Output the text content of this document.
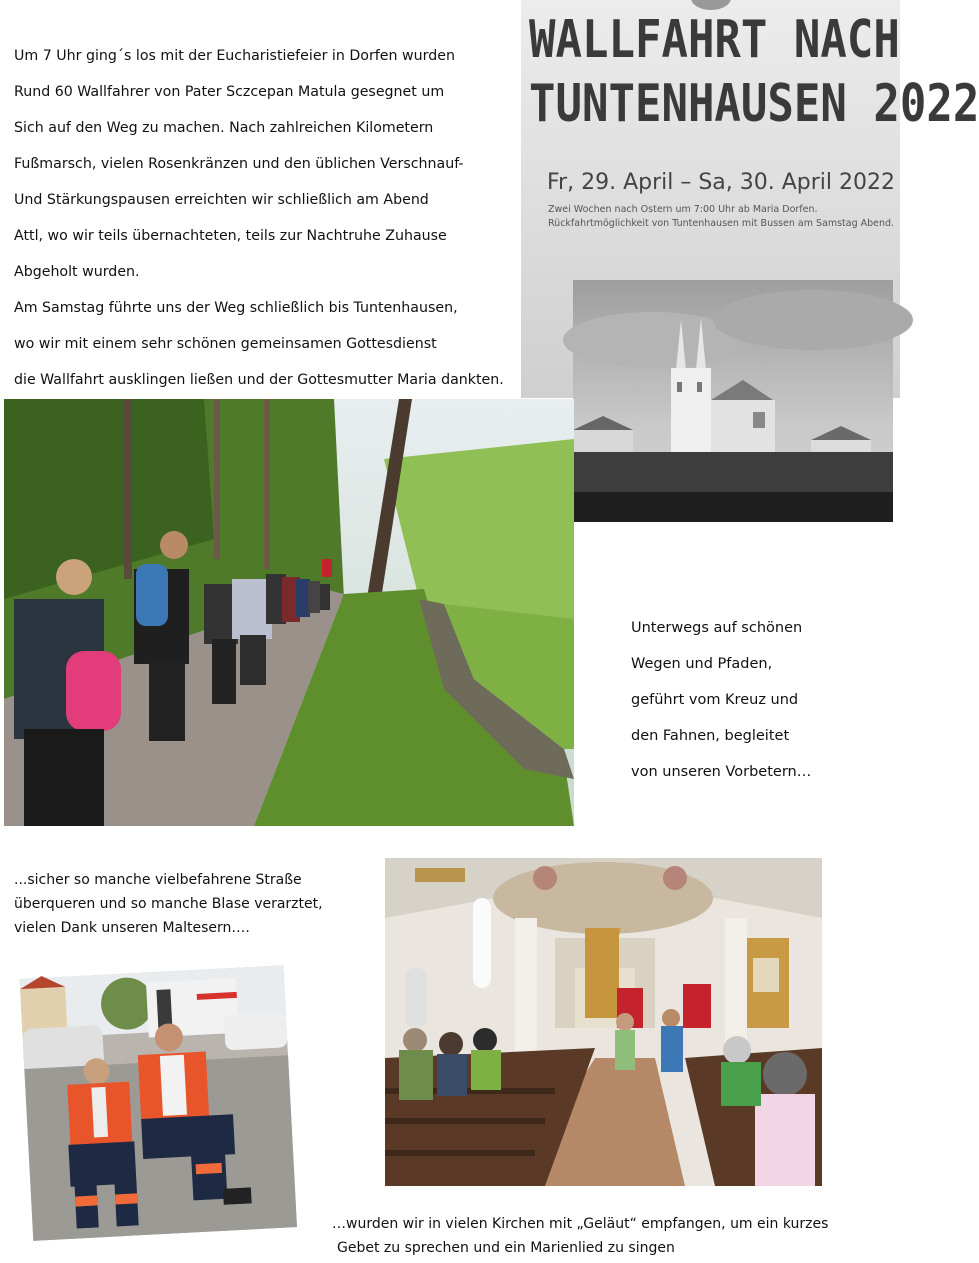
Um 7 Uhr ging´s los mit der Eucharistiefeier in Dorfen wurden
Rund 60 Wallfahrer von Pater Sczcepan Matula gesegnet um
Sich auf den Weg zu machen. Nach zahlreichen Kilometern
Fußmarsch, vielen Rosenkränzen und den üblichen Verschnauf-
Und Stärkungspausen erreichten wir schließlich am Abend
Attl, wo wir teils übernachteten, teils zur Nachtruhe Zuhause
Abgeholt wurden.
Am Samstag führte uns der Weg schließlich bis Tuntenhausen,
wo wir mit einem sehr schönen gemeinsamen Gottesdienst
die Wallfahrt ausklingen ließen und der Gottesmutter Maria dankten.
WALLFAHRT NACH
TUNTENHAUSEN 2022
Fr, 29. April – Sa, 30. April 2022
Zwei Wochen nach Ostern um 7:00 Uhr ab Maria Dorfen.
Rückfahrtmöglichkeit von Tuntenhausen mit Bussen am Samstag Abend.
Unterwegs auf schönen
Wegen und Pfaden,
geführt vom Kreuz und
den Fahnen, begleitet
von unseren Vorbetern…
...sicher so manche vielbefahrene Straße
überqueren und so manche Blase verarztet,
vielen Dank unseren Maltesern….
…wurden wir in vielen Kirchen mit „Geläut“ empfangen, um ein kurzes
Gebet zu sprechen und ein Marienlied zu singen
